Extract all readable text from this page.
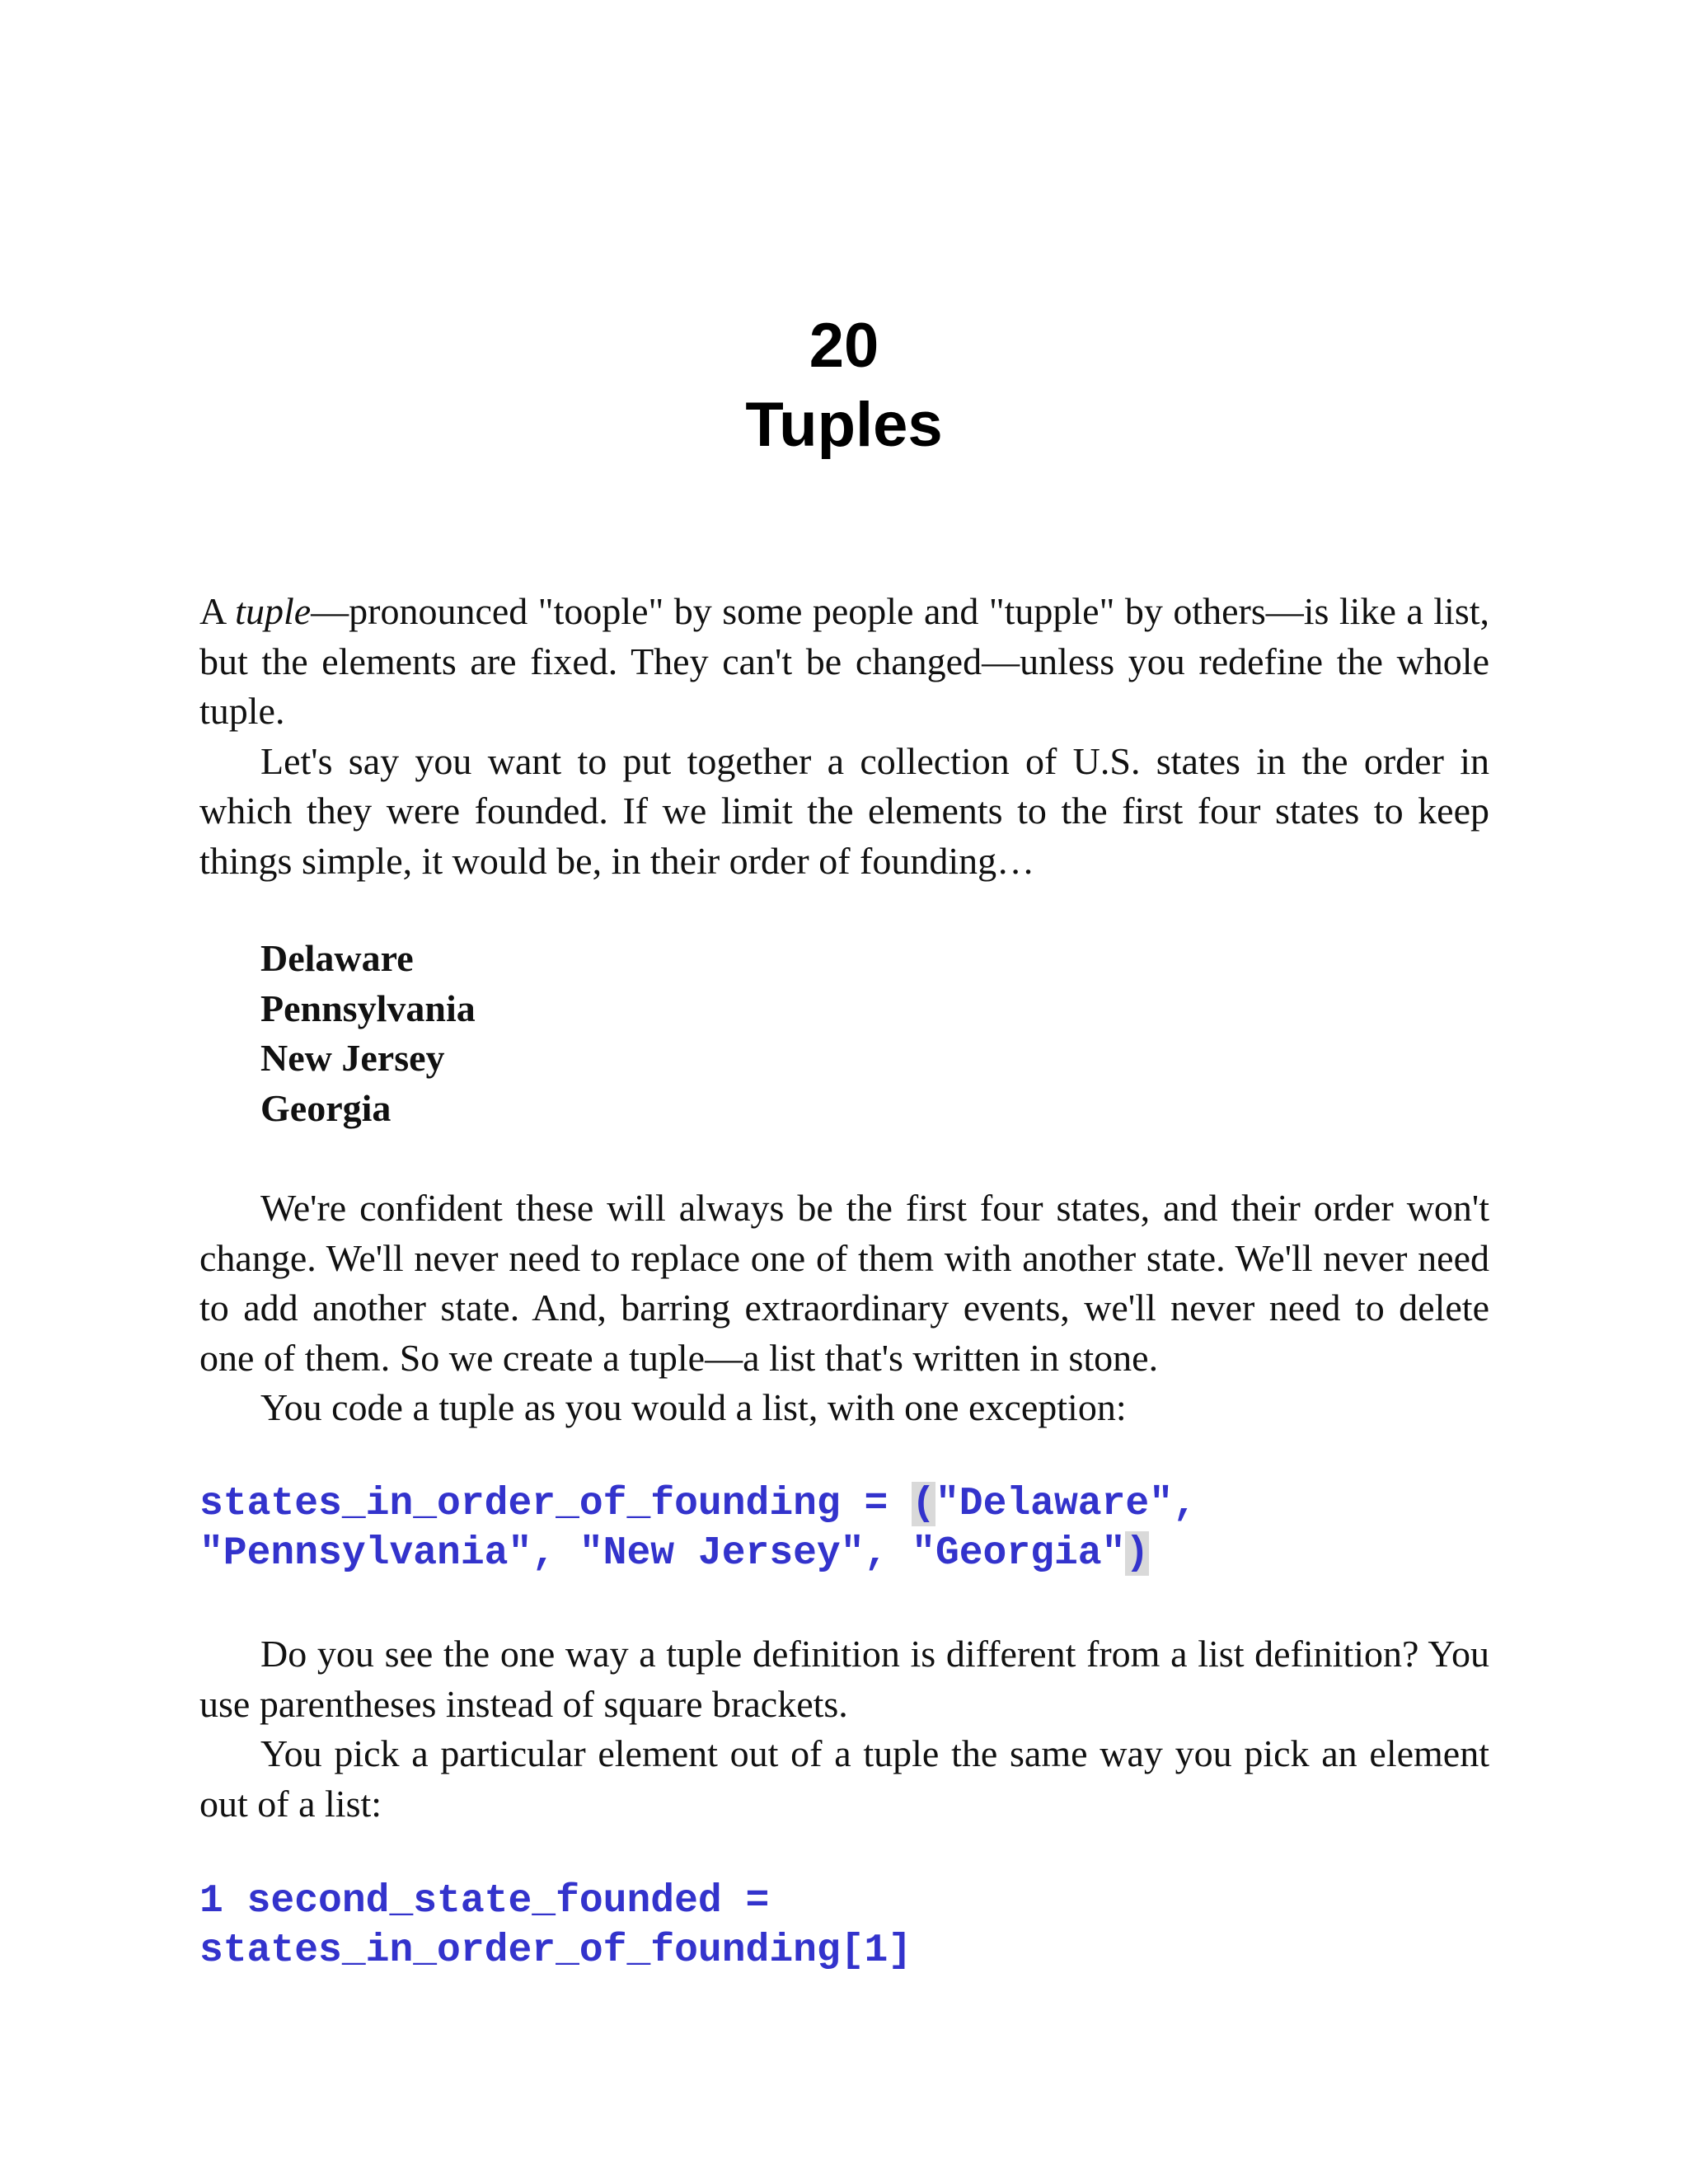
20
Tuples

A tuple—pronounced "toople" by some people and "tupple" by others—is like a list, but the elements are fixed. They can't be changed—unless you redefine the whole tuple.

Let's say you want to put together a collection of U.S. states in the order in which they were founded. If we limit the elements to the first four states to keep things simple, it would be, in their order of founding…

Delaware
Pennsylvania
New Jersey
Georgia

We're confident these will always be the first four states, and their order won't change. We'll never need to replace one of them with another state. We'll never need to add another state. And, barring extraordinary events, we'll never need to delete one of them. So we create a tuple—a list that's written in stone.

You code a tuple as you would a list, with one exception:

states_in_order_of_founding = ("Delaware",
"Pennsylvania", "New Jersey", "Georgia")

Do you see the one way a tuple definition is different from a list definition? You use parentheses instead of square brackets.

You pick a particular element out of a tuple the same way you pick an element out of a list:

1 second_state_founded =
states_in_order_of_founding[1]
